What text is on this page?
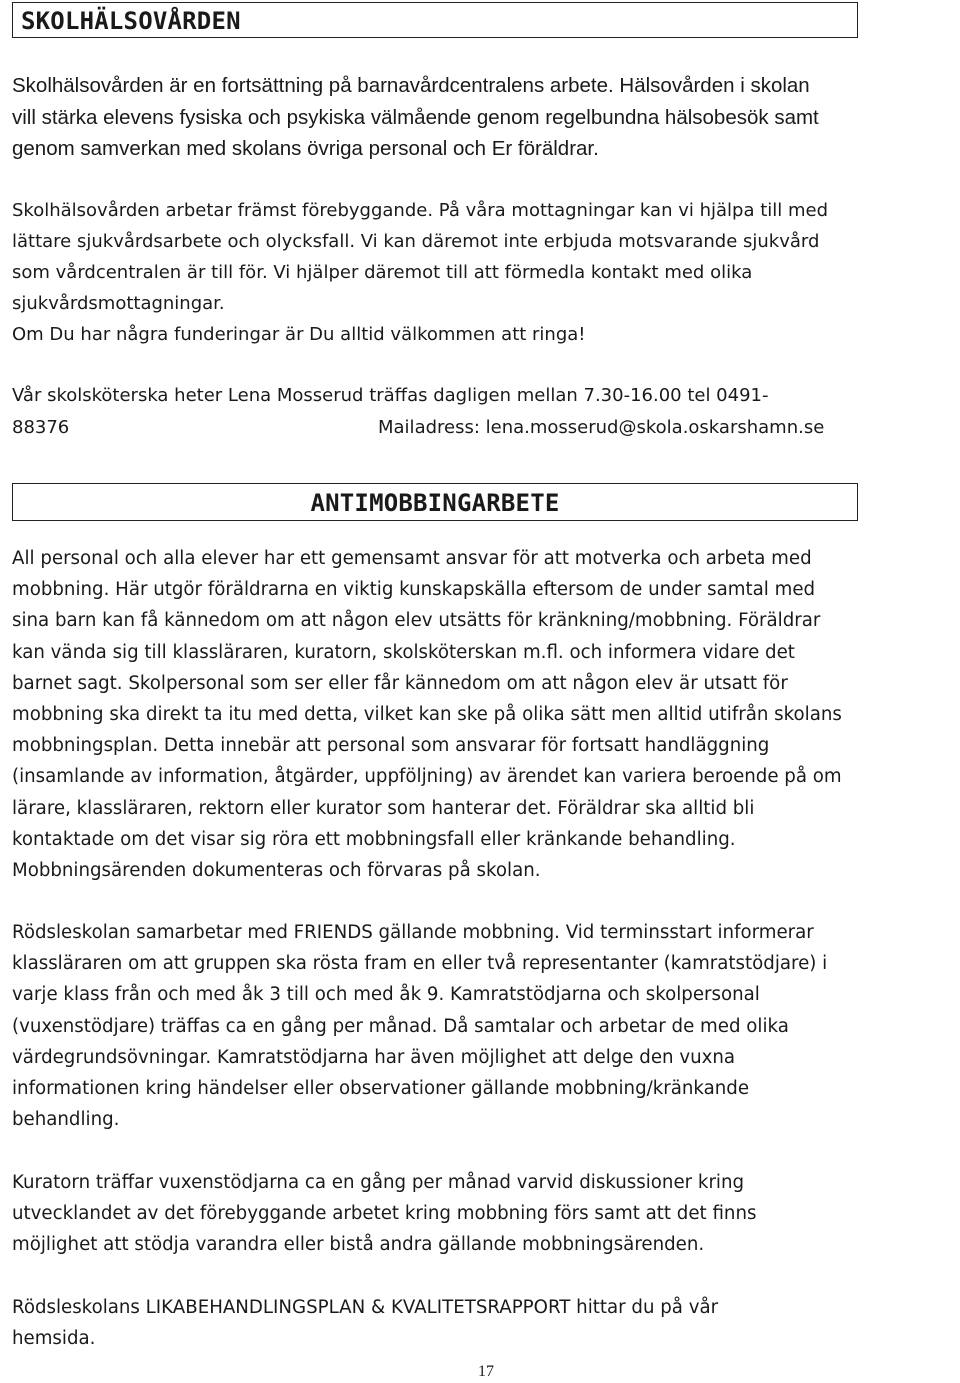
SKOLHÄLSOVÅRDEN

Skolhälsovården är en fortsättning på barnavårdcentralens arbete. Hälsovården i skolan
vill stärka elevens fysiska och psykiska välmående genom regelbundna hälsobesök samt
genom samverkan med skolans övriga personal och Er föräldrar.

Skolhälsovården arbetar främst förebyggande. På våra mottagningar kan vi hjälpa till med
lättare sjukvårdsarbete och olycksfall. Vi kan däremot inte erbjuda motsvarande sjukvård
som vårdcentralen är till för. Vi hjälper däremot till att förmedla kontakt med olika
sjukvårdsmottagningar.
Om Du har några funderingar är Du alltid välkommen att ringa!

Vår skolsköterska heter Lena Mosserud träffas dagligen mellan 7.30-16.00 tel 0491-
88376	Mailadress: lena.mosserud@skola.oskarshamn.se
ANTIMOBBINGARBETE

All personal och alla elever har ett gemensamt ansvar för att motverka och arbeta med
mobbning. Här utgör föräldrarna en viktig kunskapskälla eftersom de under samtal med
sina barn kan få kännedom om att någon elev utsätts för kränkning/mobbning. Föräldrar
kan vända sig till klassläraren, kuratorn, skolsköterskan m.fl. och informera vidare det
barnet sagt. Skolpersonal som ser eller får kännedom om att någon elev är utsatt för
mobbning ska direkt ta itu med detta, vilket kan ske på olika sätt men alltid utifrån skolans
mobbningsplan. Detta innebär att personal som ansvarar för fortsatt handläggning
(insamlande av information, åtgärder, uppföljning) av ärendet kan variera beroende på om
lärare, klassläraren, rektorn eller kurator som hanterar det. Föräldrar ska alltid bli
kontaktade om det visar sig röra ett mobbningsfall eller kränkande behandling.
Mobbningsärenden dokumenteras och förvaras på skolan.

Rödsleskolan samarbetar med FRIENDS gällande mobbning. Vid terminsstart informerar
klassläraren om att gruppen ska rösta fram en eller två representanter (kamratstödjare) i
varje klass från och med åk 3 till och med åk 9. Kamratstödjarna och skolpersonal
(vuxenstödjare) träffas ca en gång per månad. Då samtalar och arbetar de med olika
värdegrundsövningar. Kamratstödjarna har även möjlighet att delge den vuxna
informationen kring händelser eller observationer gällande mobbning/kränkande
behandling.

Kuratorn träffar vuxenstödjarna ca en gång per månad varvid diskussioner kring
utvecklandet av det förebyggande arbetet kring mobbning förs samt att det finns
möjlighet att stödja varandra eller bistå andra gällande mobbningsärenden.

Rödsleskolans LIKABEHANDLINGSPLAN & KVALITETSRAPPORT hittar du på vår
hemsida.

17
